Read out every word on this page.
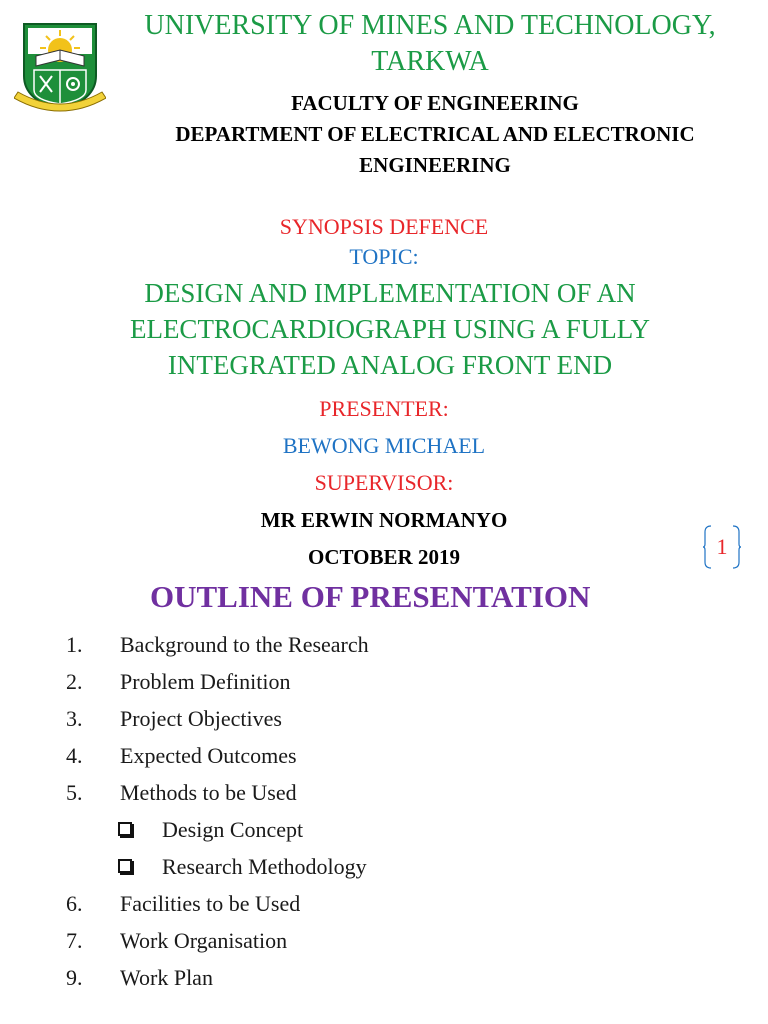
UNIVERSITY OF MINES AND TECHNOLOGY,
TARKWA
FACULTY OF ENGINEERING
DEPARTMENT OF ELECTRICAL AND ELECTRONIC
ENGINEERING
SYNOPSIS DEFENCE
TOPIC:
DESIGN AND IMPLEMENTATION OF AN
ELECTROCARDIOGRAPH USING A FULLY
INTEGRATED ANALOG FRONT END
PRESENTER:
BEWONG MICHAEL
SUPERVISOR:
MR ERWIN NORMANYO
OCTOBER 2019	1
OUTLINE OF PRESENTATION
1. Background to the Research
2. Problem Definition
3. Project Objectives
4. Expected Outcomes
5. Methods to be Used
Design Concept
Research Methodology
6. Facilities to be Used
7. Work Organisation
9. Work Plan
